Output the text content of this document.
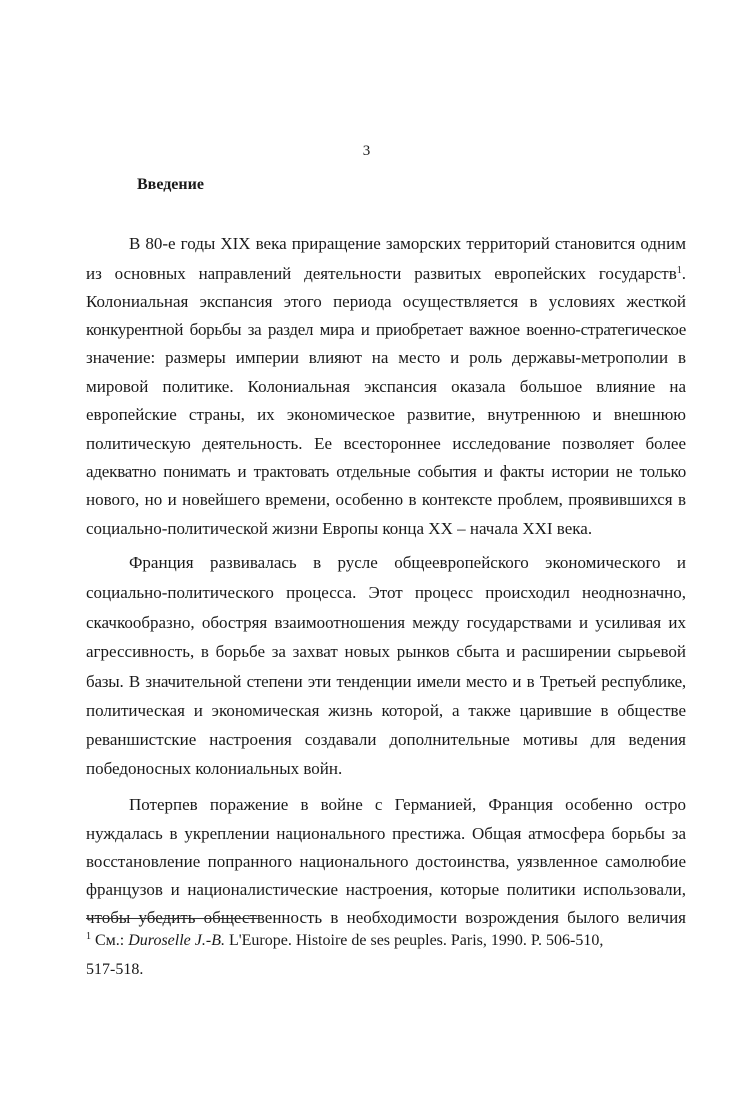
3
Введение
В 80-е годы XIX века приращение заморских территорий становится одним
из основных направлений деятельности развитых европейских государств$^1$.
Колониальная экспансия этого периода осуществляется в условиях жесткой
конкурентной борьбы за раздел мира и приобретает важное военно-стратегическое
значение: размеры империи влияют на место и роль державы-метрополии в
мировой политике. Колониальная экспансия оказала большое влияние на
европейские страны, их экономическое развитие, внутреннюю и внешнюю
политическую деятельность. Ее всестороннее исследование позволяет более
адекватно понимать и трактовать отдельные события и факты истории не только
нового, но и новейшего времени, особенно в контексте проблем, проявившихся в
социально-политической жизни Европы конца XX – начала XXI века.
Франция развивалась в русле общеевропейского экономического и
социально-политического процесса. Этот процесс происходил неоднозначно,
скачкообразно, обостряя взаимоотношения между государствами и усиливая их
агрессивность, в борьбе за захват новых рынков сбыта и расширении сырьевой
базы. В значительной степени эти тенденции имели место и в Третьей республике,
политическая и экономическая жизнь которой, а также царившие в обществе
реваншистские настроения создавали дополнительные мотивы для ведения
победоносных колониальных войн.
Потерпев поражение в войне с Германией, Франция особенно остро
нуждалась в укреплении национального престижа. Общая атмосфера борьбы за
восстановление попранного национального достоинства, уязвленное самолюбие
французов и националистические настроения, которые политики использовали,
чтобы убедить общественность в необходимости возрождения былого величия
$^1$ См.: Duroselle J.-B. L'Europe. Histoire de ses peuples. Paris, 1990. P. 506-510,
517-518.
